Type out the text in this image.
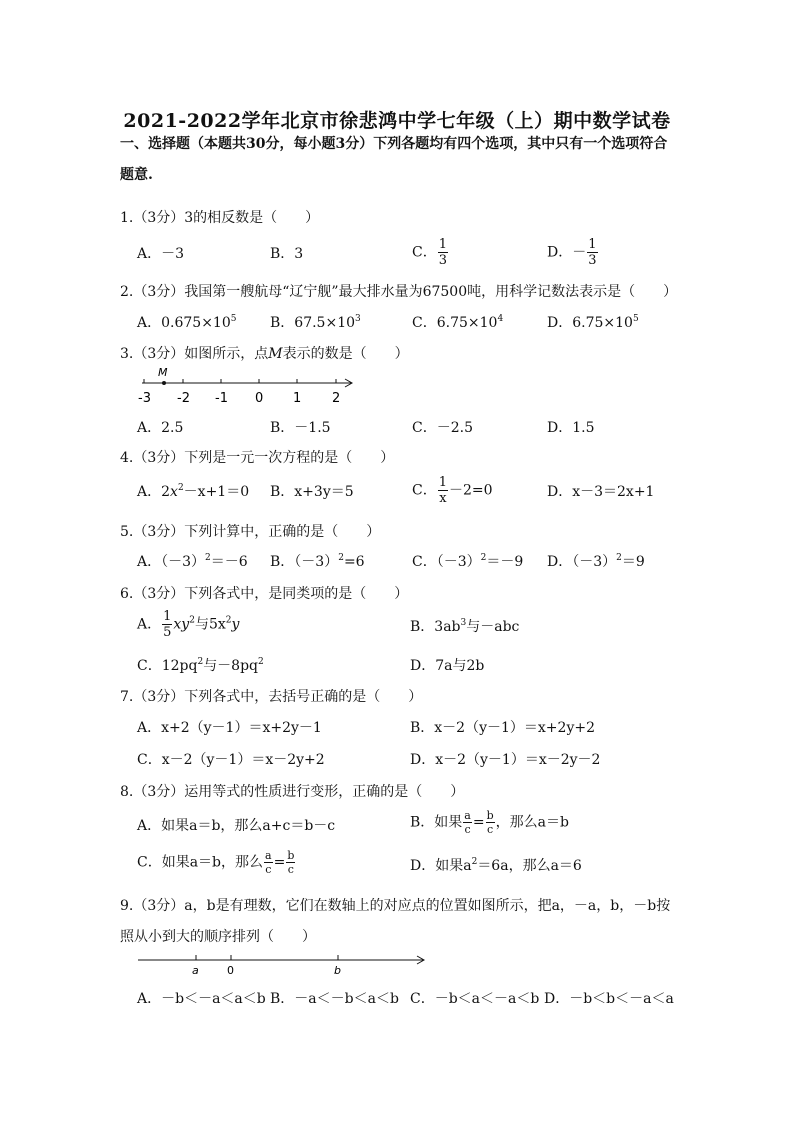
2021-2022学年北京市徐悲鸿中学七年级（上）期中数学试卷
一、选择题（本题共30分，每小题3分）下列各题均有四个选项，其中只有一个选项符合
题意.
1.（3分）3的相反数是（　　）
A．－3	B．3	C． $\frac{1}{3}$	D．－ $\frac{1}{3}$
2.（3分）我国第一艘航母“辽宁舰”最大排水量为67500吨，用科学记数法表示是（　　）
A．$0.675\times 10^5$ B．$67.5\times 10^3$	C．$6.75\times 10^4$	D．$6.75\times 10^5$
3.（3分）如图所示，点M表示的数是（　　）
M
-3 -2 -1 0 1 2
A．2.5	B．－1.5	C．－2.5	D．1.5
4.（3分）下列是一元一次方程的是（　　）
A．$2x^2-x+1=0$ B．x+3y＝5	C． $\frac{1}{x} -2=0$	D．x－3＝2x+1
5.（3分）下列计算中，正确的是（　　）
A．$(-3)^2=-6$ B．$(-3)^2=6$	C．$(-3)^2=-9$ D．$(-3)^2=9$
6.（3分）下列各式中，是同类项的是（　　）
A． $\frac{1}{5} xy^2$与$5x^2y$	B．$3ab^3$与－abc
C．$12pq^2$与$-8pq^2$	D．7a与2b
7.（3分）下列各式中，去括号正确的是（　　）
A．x+2（y－1）＝x+2y－1	B．x－2（y－1）＝x+2y+2
C．x－2（y－1）＝x－2y+2	D．x－2（y－1）＝x－2y－2
8.（3分）运用等式的性质进行变形，正确的是（　　）
A．如果a＝b，那么a+c＝b－c	B．如果 $\frac{a}{c} = \frac{b}{c}$ ，那么a＝b
C．如果a＝b，那么 $\frac{a}{c} = \frac{b}{c}$	D．如果$a^2=6a$，那么a＝6
9.（3分）a，b是有理数，它们在数轴上的对应点的位置如图所示，把a，－a，b，－b按
照从小到大的顺序排列（　　）
a	0	b
A．－b＜－a＜a＜b B．－a＜－b＜a＜b C．－b＜a＜－a＜b D．－b＜b＜－a＜a
